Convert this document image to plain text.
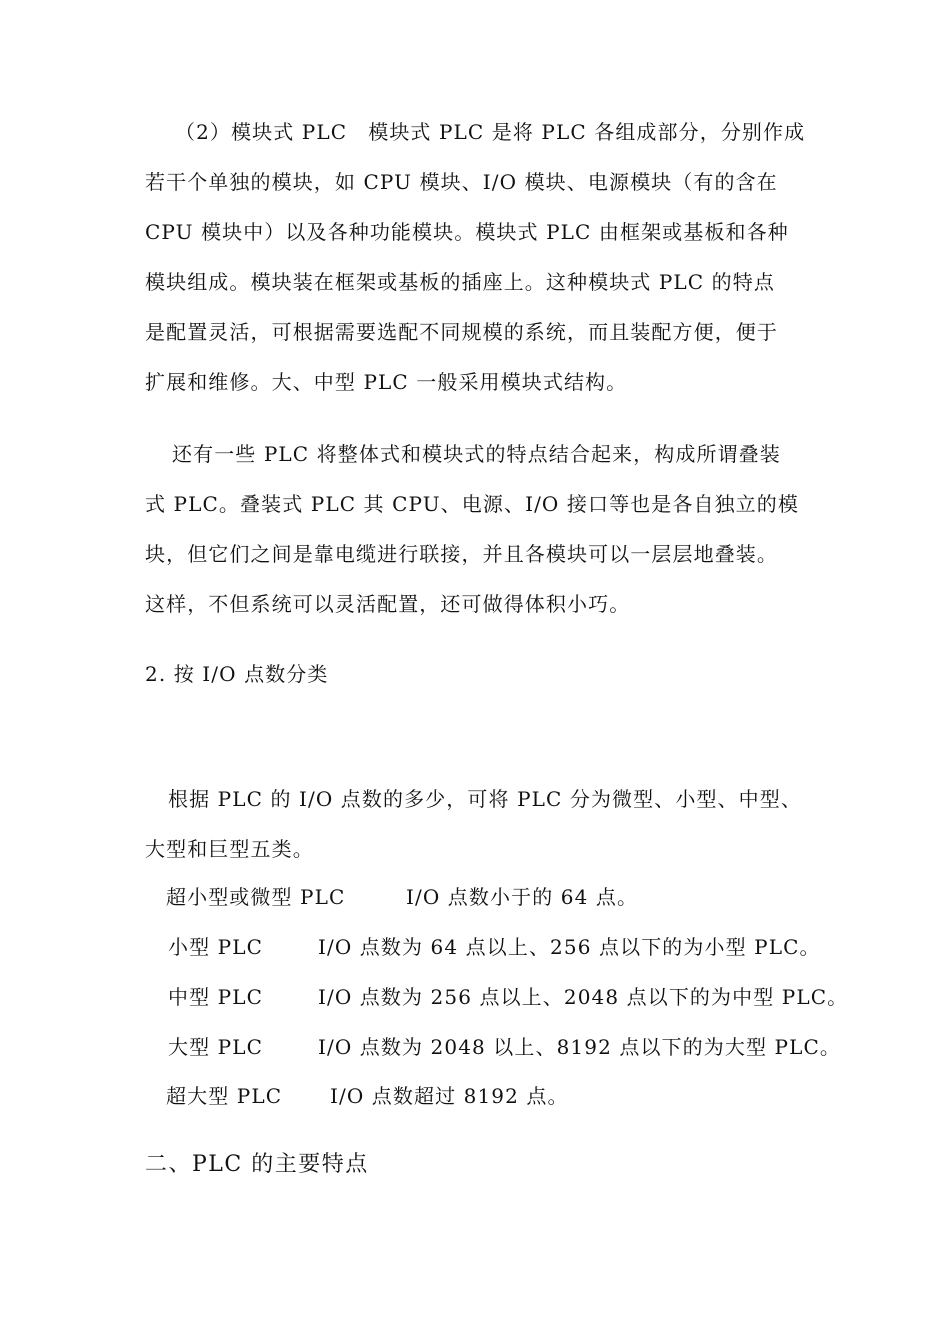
（2）模块式 PLC　模块式 PLC 是将 PLC 各组成部分，分别作成
若干个单独的模块，如 CPU 模块、I/O 模块、电源模块（有的含在
CPU 模块中）以及各种功能模块。模块式 PLC 由框架或基板和各种
模块组成。模块装在框架或基板的插座上。这种模块式 PLC 的特点
是配置灵活，可根据需要选配不同规模的系统，而且装配方便，便于
扩展和维修。大、中型 PLC 一般采用模块式结构。
还有一些 PLC 将整体式和模块式的特点结合起来，构成所谓叠装
式 PLC。叠装式 PLC 其 CPU、电源、I/O 接口等也是各自独立的模
块，但它们之间是靠电缆进行联接，并且各模块可以一层层地叠装。
这样，不但系统可以灵活配置，还可做得体积小巧。
2. 按 I/O 点数分类
根据 PLC 的 I/O 点数的多少，可将 PLC 分为微型、小型、中型、
大型和巨型五类。
超小型或微型 PLC	I/O 点数小于的 64 点。
小型 PLC	I/O 点数为 64 点以上、256 点以下的为小型 PLC。
中型 PLC	I/O 点数为 256 点以上、2048 点以下的为中型 PLC。
大型 PLC	I/O 点数为 2048 以上、8192 点以下的为大型 PLC。
超大型 PLC I/O 点数超过 8192 点。
二、PLC 的主要特点
